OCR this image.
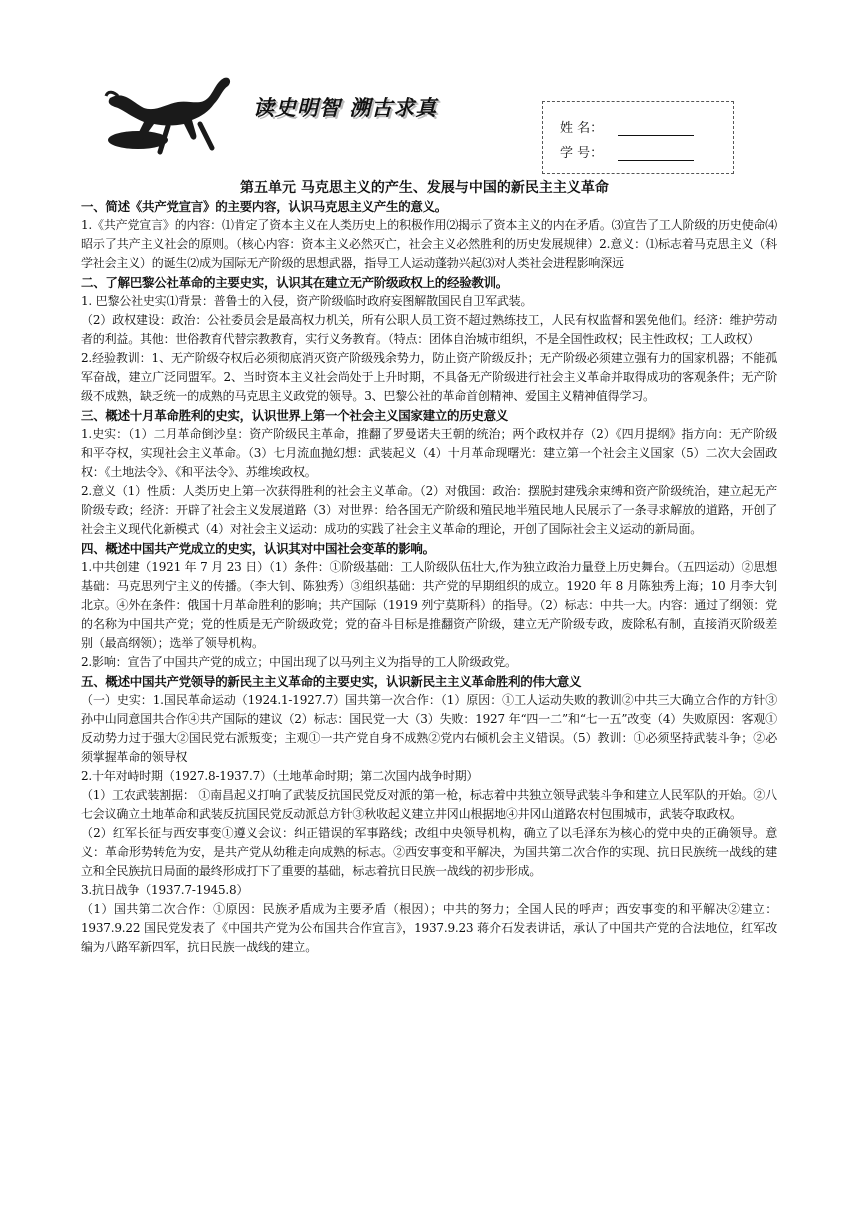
读史明智 溯古求真
姓 名：
学 号：
第五单元 马克思主义的产生、发展与中国的新民主主义革命

一、简述《共产党宣言》的主要内容，认识马克思主义产生的意义。

1.《共产党宣言》的内容：⑴肯定了资本主义在人类历史上的积极作用⑵揭示了资本主义的内在矛盾。⑶宣告了工人阶级的历史使命⑷昭示了共产主义社会的原则。（核心内容：资本主义必然灭亡，社会主义必然胜利的历史发展规律）2.意义：⑴标志着马克思主义（科学社会主义）的诞生⑵成为国际无产阶级的思想武器，指导工人运动蓬勃兴起⑶对人类社会进程影响深远

二、了解巴黎公社革命的主要史实，认识其在建立无产阶级政权上的经验教训。

1. 巴黎公社史实⑴背景：普鲁士的入侵，资产阶级临时政府妄图解散国民自卫军武装。

（2）政权建设：政治：公社委员会是最高权力机关，所有公职人员工资不超过熟练技工，人民有权监督和罢免他们。经济：维护劳动者的利益。其他：世俗教育代替宗教教育，实行义务教育。（特点：团体自治城市组织，不是全国性政权；民主性政权；工人政权）

2.经验教训：1、无产阶级夺权后必须彻底消灭资产阶级残余势力，防止资产阶级反扑；无产阶级必须建立强有力的国家机器；不能孤军奋战，建立广泛同盟军。2、当时资本主义社会尚处于上升时期，不具备无产阶级进行社会主义革命并取得成功的客观条件；无产阶级不成熟，缺乏统一的成熟的马克思主义政党的领导。3、巴黎公社的革命首创精神、爱国主义精神值得学习。

三、概述十月革命胜利的史实，认识世界上第一个社会主义国家建立的历史意义

1.史实：（1）二月革命倒沙皇：资产阶级民主革命，推翻了罗曼诺夫王朝的统治；两个政权并存（2）《四月提纲》指方向：无产阶级和平夺权，实现社会主义革命。（3）七月流血抛幻想：武装起义（4）十月革命现曙光：建立第一个社会主义国家（5）二次大会固政权：《土地法令》、《和平法令》、苏维埃政权。

2.意义（1）性质：人类历史上第一次获得胜利的社会主义革命。（2）对俄国：政治：摆脱封建残余束缚和资产阶级统治，建立起无产阶级专政；经济：开辟了社会主义发展道路（3）对世界：给各国无产阶级和殖民地半殖民地人民展示了一条寻求解放的道路，开创了社会主义现代化新模式（4）对社会主义运动：成功的实践了社会主义革命的理论，开创了国际社会主义运动的新局面。

四、概述中国共产党成立的史实，认识其对中国社会变革的影响。

1.中共创建（1921 年 7 月 23 日）（1）条件：①阶级基础：工人阶级队伍壮大,作为独立政治力量登上历史舞台。（五四运动）②思想基础：马克思列宁主义的传播。（李大钊、陈独秀）③组织基础：共产党的早期组织的成立。1920 年 8 月陈独秀上海；10 月李大钊北京。④外在条件：俄国十月革命胜利的影响；共产国际（1919 列宁莫斯科）的指导。（2）标志：中共一大。内容：通过了纲领：党的名称为中国共产党；党的性质是无产阶级政党；党的奋斗目标是推翻资产阶级，建立无产阶级专政，废除私有制，直接消灭阶级差别（最高纲领）；选举了领导机构。

2.影响：宣告了中国共产党的成立；中国出现了以马列主义为指导的工人阶级政党。

五、概述中国共产党领导的新民主主义革命的主要史实，认识新民主主义革命胜利的伟大意义

（一）史实：1.国民革命运动（1924.1-1927.7）国共第一次合作：（1）原因：①工人运动失败的教训②中共三大确立合作的方针③孙中山同意国共合作④共产国际的建议（2）标志：国民党一大（3）失败：1927 年“四一二”和“七一五”改变（4）失败原因：客观①反动势力过于强大②国民党右派叛变；主观①一共产党自身不成熟②党内右倾机会主义错误。（5）教训：①必须坚持武装斗争；②必须掌握革命的领导权

2.十年对峙时期（1927.8-1937.7）（土地革命时期；第二次国内战争时期）

（1）工农武装割据： ①南昌起义打响了武装反抗国民党反对派的第一枪，标志着中共独立领导武装斗争和建立人民军队的开始。②八七会议确立土地革命和武装反抗国民党反动派总方针③秋收起义建立井冈山根据地④井冈山道路农村包围城市，武装夺取政权。

（2）红军长征与西安事变①遵义会议：纠正错误的军事路线；改组中央领导机构，确立了以毛泽东为核心的党中央的正确领导。意义：革命形势转危为安，是共产党从幼稚走向成熟的标志。②西安事变和平解决，为国共第二次合作的实现、抗日民族统一战线的建立和全民族抗日局面的最终形成打下了重要的基础，标志着抗日民族一战线的初步形成。

3.抗日战争（1937.7-1945.8）

（1）国共第二次合作：①原因：民族矛盾成为主要矛盾（根因）；中共的努力；全国人民的呼声；西安事变的和平解决②建立：1937.9.22 国民党发表了《中国共产党为公布国共合作宣言》，1937.9.23 蒋介石发表讲话，承认了中国共产党的合法地位，红军改编为八路军新四军，抗日民族一战线的建立。
